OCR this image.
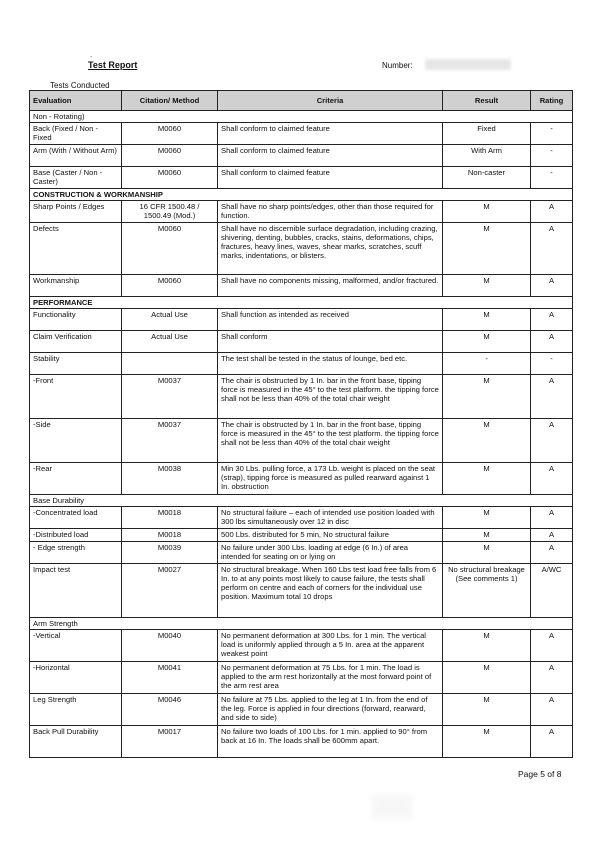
.
Test Report	Number:
Tests Conducted
Evaluation	Citation/ Method	Criteria	Result	Rating
Non - Rotating)				
Back (Fixed / Non - Fixed	M0060	Shall conform to claimed feature	Fixed	-
Arm (With / Without Arm)	M0060	Shall conform to claimed feature	With Arm	-
Base (Caster / Non - Caster)	M0060	Shall conform to claimed feature	Non-caster	-
CONSTRUCTION & WORKMANSHIP				
Sharp Points / Edges	16 CFR 1500.48 / 1500.49 (Mod.)	Shall have no sharp points/edges, other than those required for function.	M	A
Defects	M0060	Shall have no discernible surface degradation, including crazing, shivering, denting, bubbles, cracks, stains, deformations, chips, fractures, heavy lines, waves, shear marks, scratches, scuff marks, indentations, or blisters.	M	A
Workmanship	M0060	Shall have no components missing, malformed, and/or fractured.	M	A
PERFORMANCE				
Functionality	Actual Use	Shall function as intended as received	M	A
Claim Verification	Actual Use	Shall conform	M	A
Stability		The test shall be tested in the status of lounge, bed etc.	-	-
-Front	M0037	The chair is obstructed by 1 In. bar in the front base, tipping force is measured in the 45° to the test platform. the tipping force shall not be less than 40% of the total chair weight	M	A
-Side	M0037	The chair is obstructed by 1 In. bar in the front base, tipping force is measured in the 45° to the test platform. the tipping force shall not be less than 40% of the total chair weight	M	A
-Rear	M0038	Min 30 Lbs. pulling force, a 173 Lb. weight is placed on the seat (strap), tipping force is measured as pulled rearward against 1 In. obstruction	M	A
Base Durability				
-Concentrated load	M0018	No structural failure – each of intended use position loaded with 300 lbs simultaneously over 12 in disc	M	A
-Distributed load	M0018	500 Lbs. distributed for 5 min, No structural failure	M	A
- Edge strength	M0039	No failure under 300 Lbs. loading at edge (6 In.) of area intended for seating on or lying on	M	A
Impact test	M0027	No structural breakage. When 160 Lbs test load free falls from 6 In. to at any points most likely to cause failure, the tests shall perform on centre and each of corners for the individual use position. Maximum total 10 drops	No structural breakage (See comments 1)	A/WC
Arm Strength				
-Vertical	M0040	No permanent deformation at 300 Lbs. for 1 min. The vertical load is uniformly applied through a 5 In. area at the apparent weakest point	M	A
-Horizontal	M0041	No permanent deformation at 75 Lbs. for 1 min. The load is applied to the arm rest horizontally at the most forward point of the arm rest area	M	A
Leg Strength	M0046	No failure at 75 Lbs. applied to the leg at 1 In. from the end of the leg. Force is applied in four directions (forward, rearward, and side to side)	M	A
Back Pull Durability	M0017	No failure two loads of 100 Lbs. for 1 min. applied to 90° from back at 16 In. The loads shall be 600mm apart.	M	A
Page 5 of 8
